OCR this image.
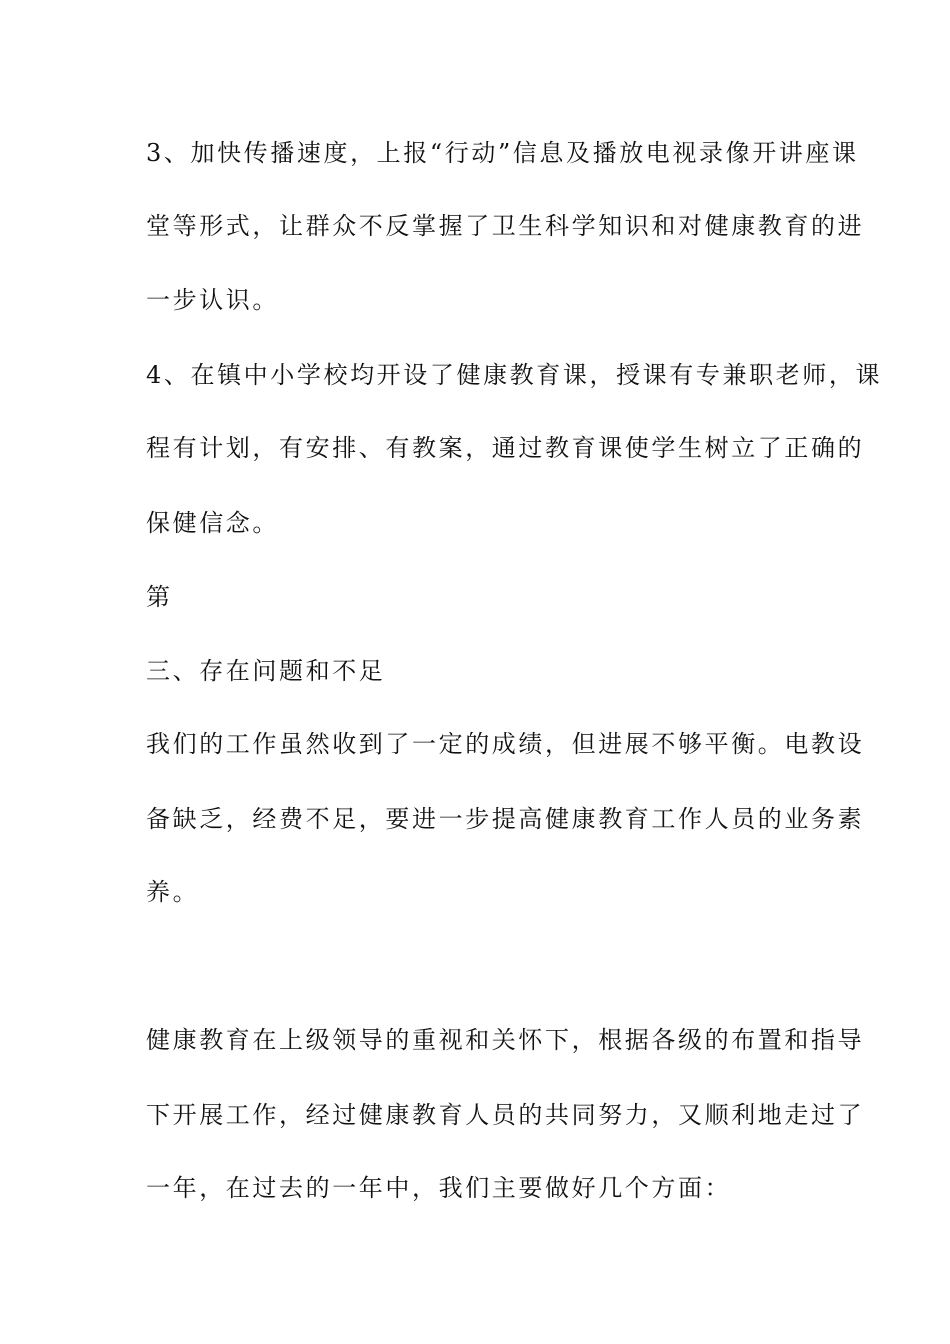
3、加快传播速度，上报“行动”信息及播放电视录像开讲座课
堂等形式，让群众不反掌握了卫生科学知识和对健康教育的进
一步认识。
4、在镇中小学校均开设了健康教育课，授课有专兼职老师，课
程有计划，有安排、有教案，通过教育课使学生树立了正确的
保健信念。
第
三、存在问题和不足
我们的工作虽然收到了一定的成绩，但进展不够平衡。电教设
备缺乏，经费不足，要进一步提高健康教育工作人员的业务素
养。
健康教育在上级领导的重视和关怀下，根据各级的布置和指导
下开展工作，经过健康教育人员的共同努力，又顺利地走过了
一年，在过去的一年中，我们主要做好几个方面：
